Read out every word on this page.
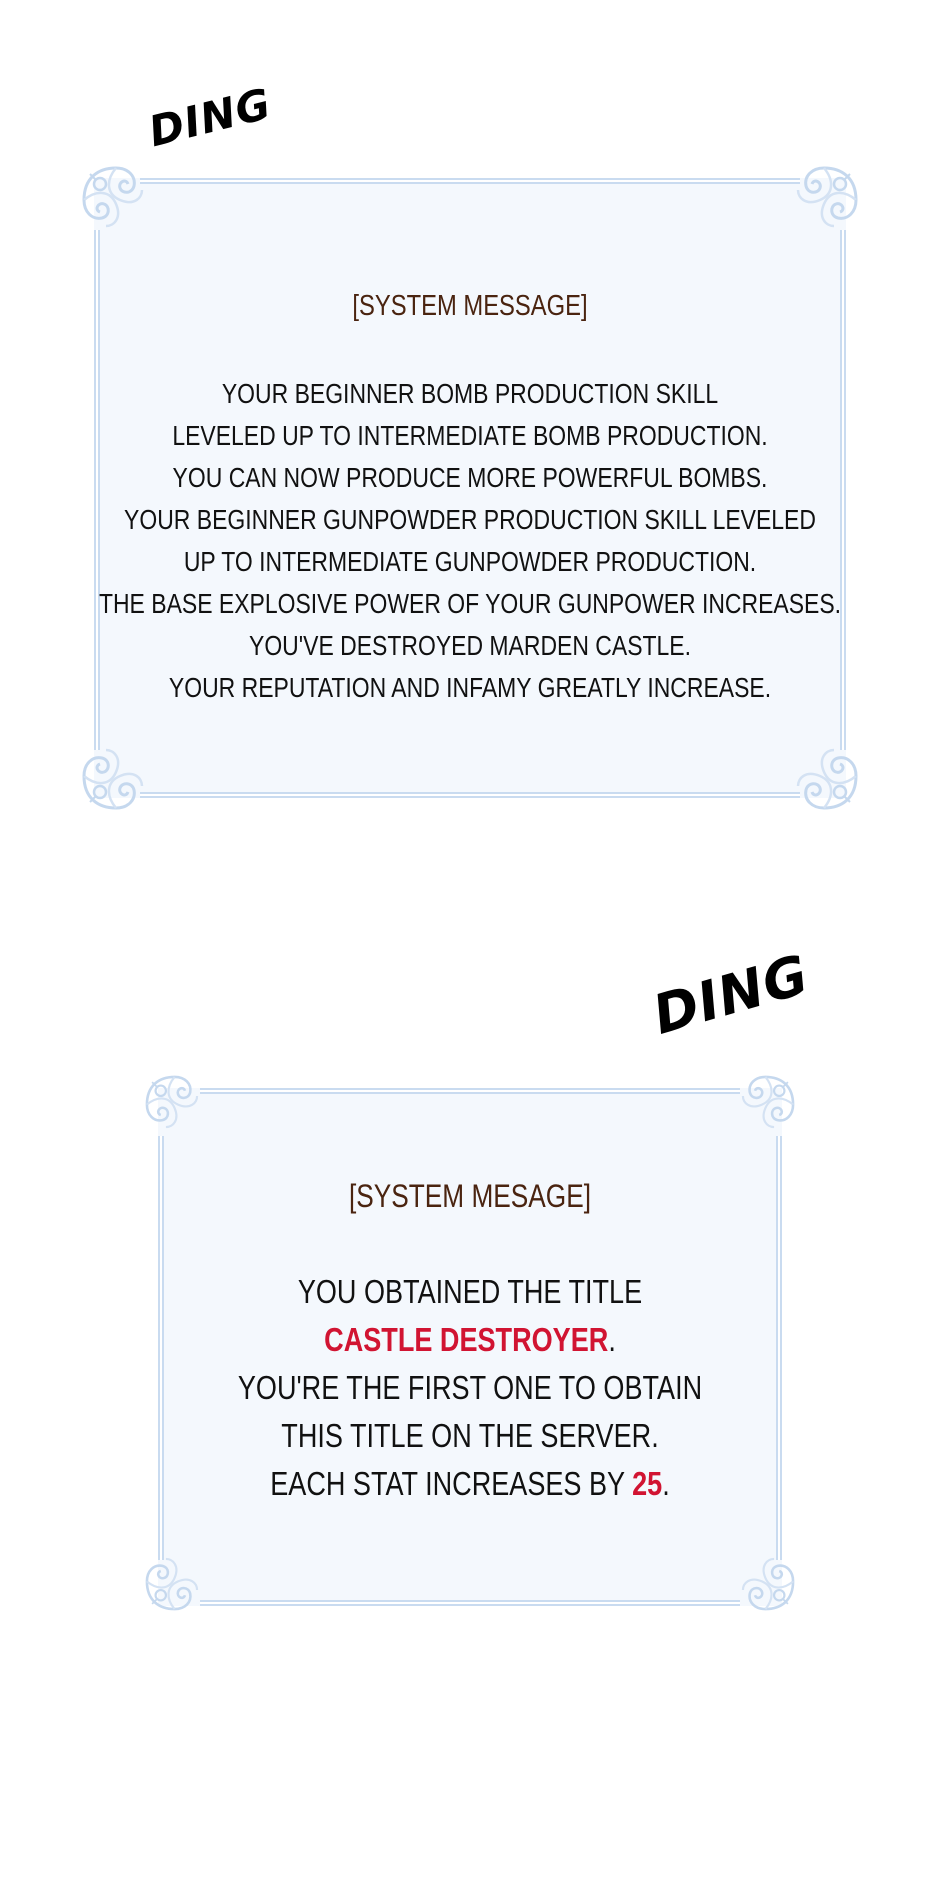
DING
[SYSTEM MESSAGE]
YOUR BEGINNER BOMB PRODUCTION SKILL
LEVELED UP TO INTERMEDIATE BOMB PRODUCTION.
YOU CAN NOW PRODUCE MORE POWERFUL BOMBS.
YOUR BEGINNER GUNPOWDER PRODUCTION SKILL LEVELED
UP TO INTERMEDIATE GUNPOWDER PRODUCTION.
THE BASE EXPLOSIVE POWER OF YOUR GUNPOWER INCREASES.
YOU'VE DESTROYED MARDEN CASTLE.
YOUR REPUTATION AND INFAMY GREATLY INCREASE.
DING
[SYSTEM MESAGE]
YOU OBTAINED THE TITLE
CASTLE DESTROYER.
YOU'RE THE FIRST ONE TO OBTAIN
THIS TITLE ON THE SERVER.
EACH STAT INCREASES BY 25.
